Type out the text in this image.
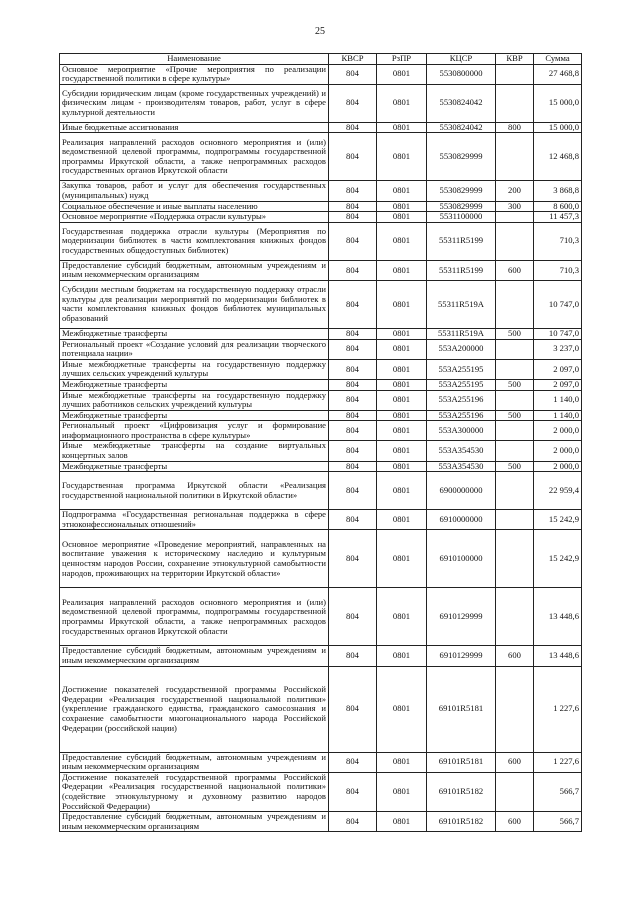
25
Наименование	КВСР	РзПР	КЦСР	КВР	Сумма
Основное мероприятие «Прочие мероприятия по реализации государственной политики в сфере культуры»	804	0801	5530800000		27 468,8
Субсидии юридическим лицам (кроме государственных учреждений) и физическим лицам - производителям товаров, работ, услуг в сфере культурной деятельности	804	0801	5530824042		15 000,0
Иные бюджетные ассигнования	804	0801	5530824042	800	15 000,0
Реализация направлений расходов основного мероприятия и (или) ведомственной целевой программы, подпрограммы государственной программы Иркутской области, а также непрограммных расходов государственных органов Иркутской области	804	0801	5530829999		12 468,8
Закупка товаров, работ и услуг для обеспечения государственных (муниципальных) нужд	804	0801	5530829999	200	3 868,8
Социальное обеспечение и иные выплаты населению	804	0801	5530829999	300	8 600,0
Основное мероприятие «Поддержка отрасли культуры»	804	0801	5531100000		11 457,3
Государственная поддержка отрасли культуры (Мероприятия по модернизации библиотек в части комплектования книжных фондов государственных общедоступных библиотек)	804	0801	55311R5199		710,3
Предоставление субсидий бюджетным, автономным учреждениям и иным некоммерческим организациям	804	0801	55311R5199	600	710,3
Субсидии местным бюджетам на государственную поддержку отрасли культуры для реализации мероприятий по модернизации библиотек в части комплектования книжных фондов библиотек муниципальных образований	804	0801	55311R519A		10 747,0
Межбюджетные трансферты	804	0801	55311R519A	500	10 747,0
Региональный проект «Создание условий для реализации творческого потенциала нации»	804	0801	553A200000		3 237,0
Иные межбюджетные трансферты на государственную поддержку лучших сельских учреждений культуры	804	0801	553A255195		2 097,0
Межбюджетные трансферты	804	0801	553A255195	500	2 097,0
Иные межбюджетные трансферты на государственную поддержку лучших работников сельских учреждений культуры	804	0801	553A255196		1 140,0
Межбюджетные трансферты	804	0801	553A255196	500	1 140,0
Региональный проект «Цифровизация услуг и формирование информационного пространства в сфере культуры»	804	0801	553A300000		2 000,0
Иные межбюджетные трансферты на создание виртуальных концертных залов	804	0801	553A354530		2 000,0
Межбюджетные трансферты	804	0801	553A354530	500	2 000,0
Государственная программа Иркутской области «Реализация государственной национальной политики в Иркутской области»	804	0801	6900000000		22 959,4
Подпрограмма «Государственная региональная поддержка в сфере этноконфессиональных отношений»	804	0801	6910000000		15 242,9
Основное мероприятие «Проведение мероприятий, направленных на воспитание уважения к историческому наследию и культурным ценностям народов России, сохранение этнокультурной самобытности народов, проживающих на территории Иркутской области»	804	0801	6910100000		15 242,9
Реализация направлений расходов основного мероприятия и (или) ведомственной целевой программы, подпрограммы государственной программы Иркутской области, а также непрограммных расходов государственных органов Иркутской области	804	0801	6910129999		13 448,6
Предоставление субсидий бюджетным, автономным учреждениям и иным некоммерческим организациям	804	0801	6910129999	600	13 448,6
Достижение показателей государственной программы Российской Федерации «Реализация государственной национальной политики» (укрепление гражданского единства, гражданского самосознания и сохранение самобытности многонационального народа Российской Федерации (российской нации)	804	0801	69101R5181		1 227,6
Предоставление субсидий бюджетным, автономным учреждениям и иным некоммерческим организациям	804	0801	69101R5181	600	1 227,6
Достижение показателей государственной программы Российской Федерации «Реализация государственной национальной политики» (содействие этнокультурному и духовному развитию народов Российской Федерации)	804	0801	69101R5182		566,7
Предоставление субсидий бюджетным, автономным учреждениям и иным некоммерческим организациям	804	0801	69101R5182	600	566,7
